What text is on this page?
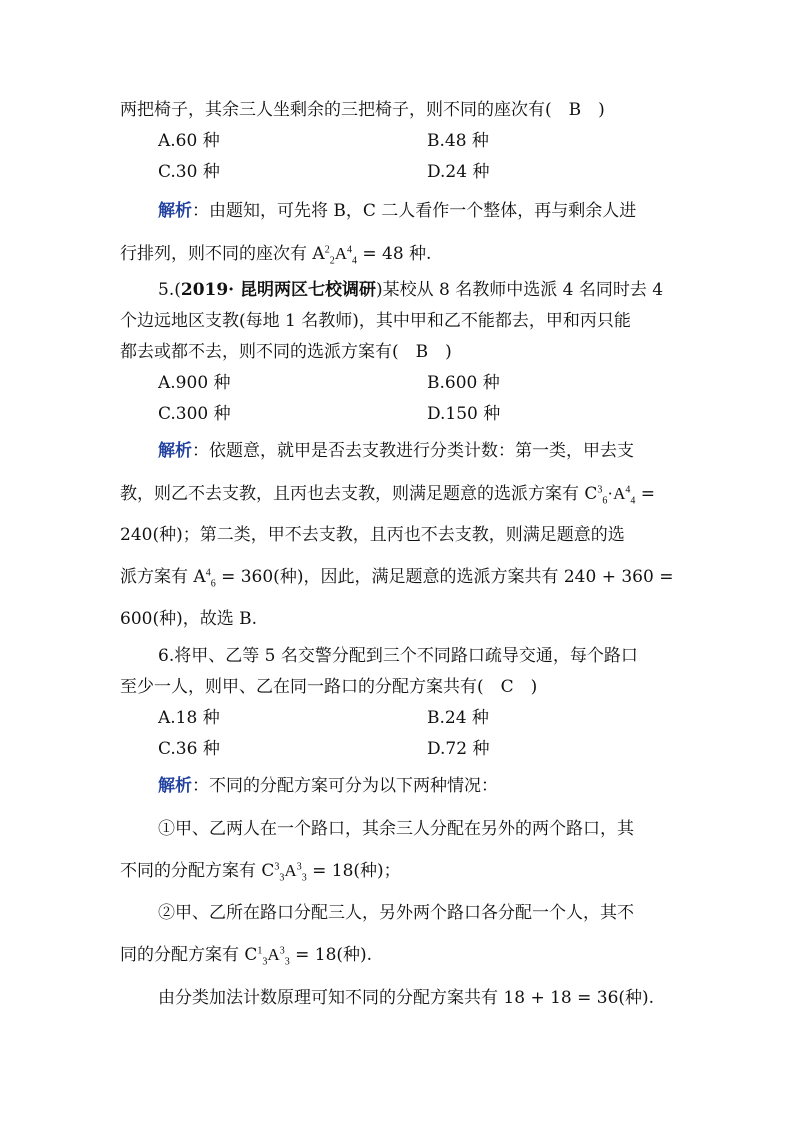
两把椅子，其余三人坐剩余的三把椅子，则不同的座次有(　B　)
A.60 种	B.48 种
C.30 种	D.24 种
解析：由题知，可先将 B，C 二人看作一个整体，再与剩余人进
行排列，则不同的座次有 $A^2_2A^4_4 = 48$ 种.
5.(2019· 昆明两区七校调研)某校从 8 名教师中选派 4 名同时去 4
个边远地区支教(每地 1 名教师)，其中甲和乙不能都去，甲和丙只能
都去或都不去，则不同的选派方案有(　B　)
A.900 种	B.600 种
C.300 种	D.150 种
解析：依题意，就甲是否去支教进行分类计数：第一类，甲去支
教，则乙不去支教，且丙也去支教，则满足题意的选派方案有 $C^3_6\cdot A^4_4$ =
240(种)；第二类，甲不去支教，且丙也不去支教，则满足题意的选
派方案有 $A^4_6 = 360$(种)，因此，满足题意的选派方案共有 240 + 360 =
600(种)，故选 B.
6.将甲、乙等 5 名交警分配到三个不同路口疏导交通，每个路口
至少一人，则甲、乙在同一路口的分配方案共有(　C　)
A.18 种	B.24 种
C.36 种	D.72 种
解析：不同的分配方案可分为以下两种情况：
①甲、乙两人在一个路口，其余三人分配在另外的两个路口，其
不同的分配方案有 $C^3_3A^3_3 = 18$(种)；
②甲、乙所在路口分配三人，另外两个路口各分配一个人，其不
同的分配方案有 $C^1_3A^3_3 = 18$(种).
由分类加法计数原理可知不同的分配方案共有 18 + 18 = 36(种).
